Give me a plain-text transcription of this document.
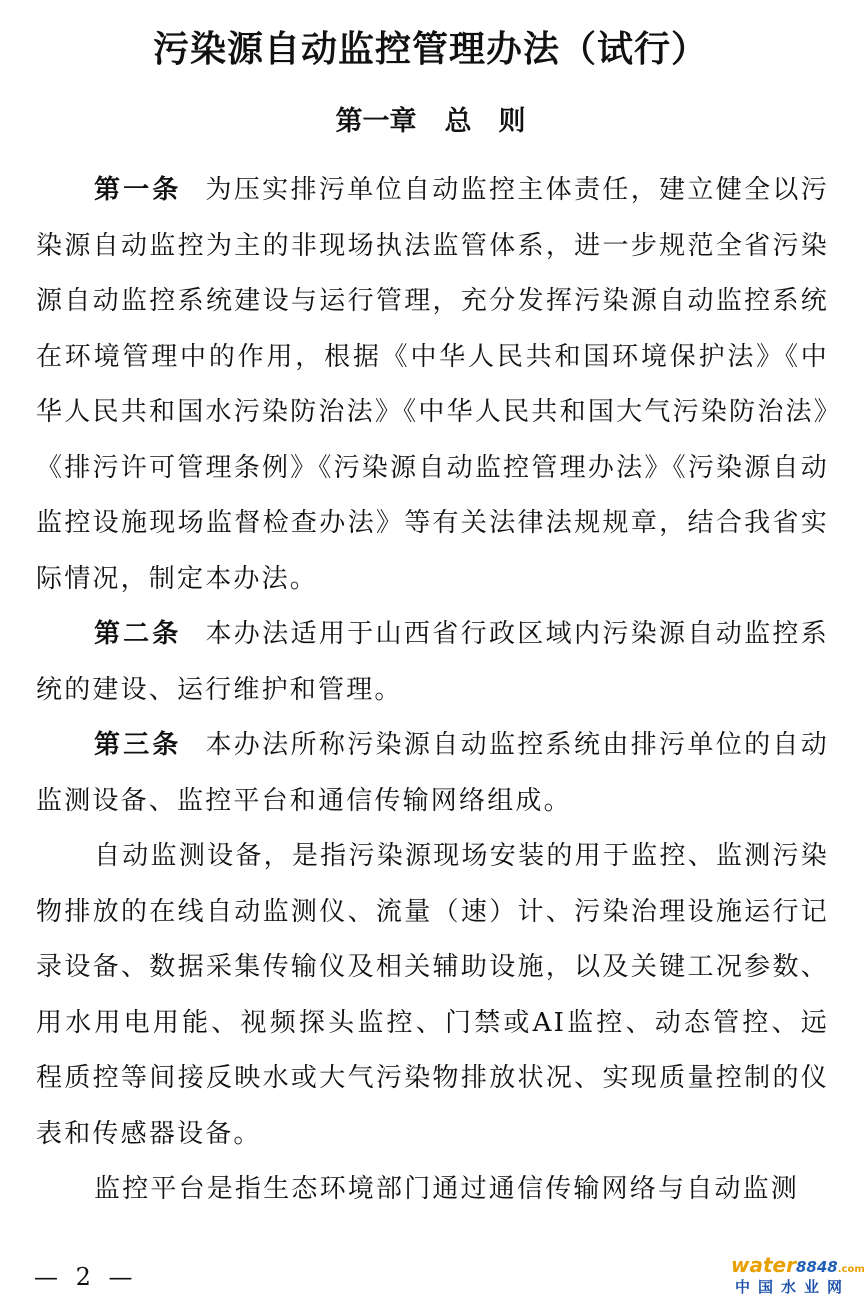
污染源自动监控管理办法（试行）
第一章 总　则

第一条 为压实排污单位自动监控主体责任，建立健全以污染源自动监控为主的非现场执法监管体系，进一步规范全省污染源自动监控系统建设与运行管理，充分发挥污染源自动监控系统在环境管理中的作用，根据《中华人民共和国环境保护法》《中华人民共和国水污染防治法》《中华人民共和国大气污染防治法》《排污许可管理条例》《污染源自动监控管理办法》《污染源自动监控设施现场监督检查办法》等有关法律法规规章，结合我省实际情况，制定本办法。

第二条 本办法适用于山西省行政区域内污染源自动监控系统的建设、运行维护和管理。

第三条 本办法所称污染源自动监控系统由排污单位的自动监测设备、监控平台和通信传输网络组成。

自动监测设备，是指污染源现场安装的用于监控、监测污染物排放的在线自动监测仪、流量（速）计、污染治理设施运行记录设备、数据采集传输仪及相关辅助设施，以及关键工况参数、用水用电用能、视频探头监控、门禁或AI监控、动态管控、远程质控等间接反映水或大气污染物排放状况、实现质量控制的仪表和传感器设备。

监控平台是指生态环境部门通过通信传输网络与自动监测

— 2 —	water8848.com
中国水业网
